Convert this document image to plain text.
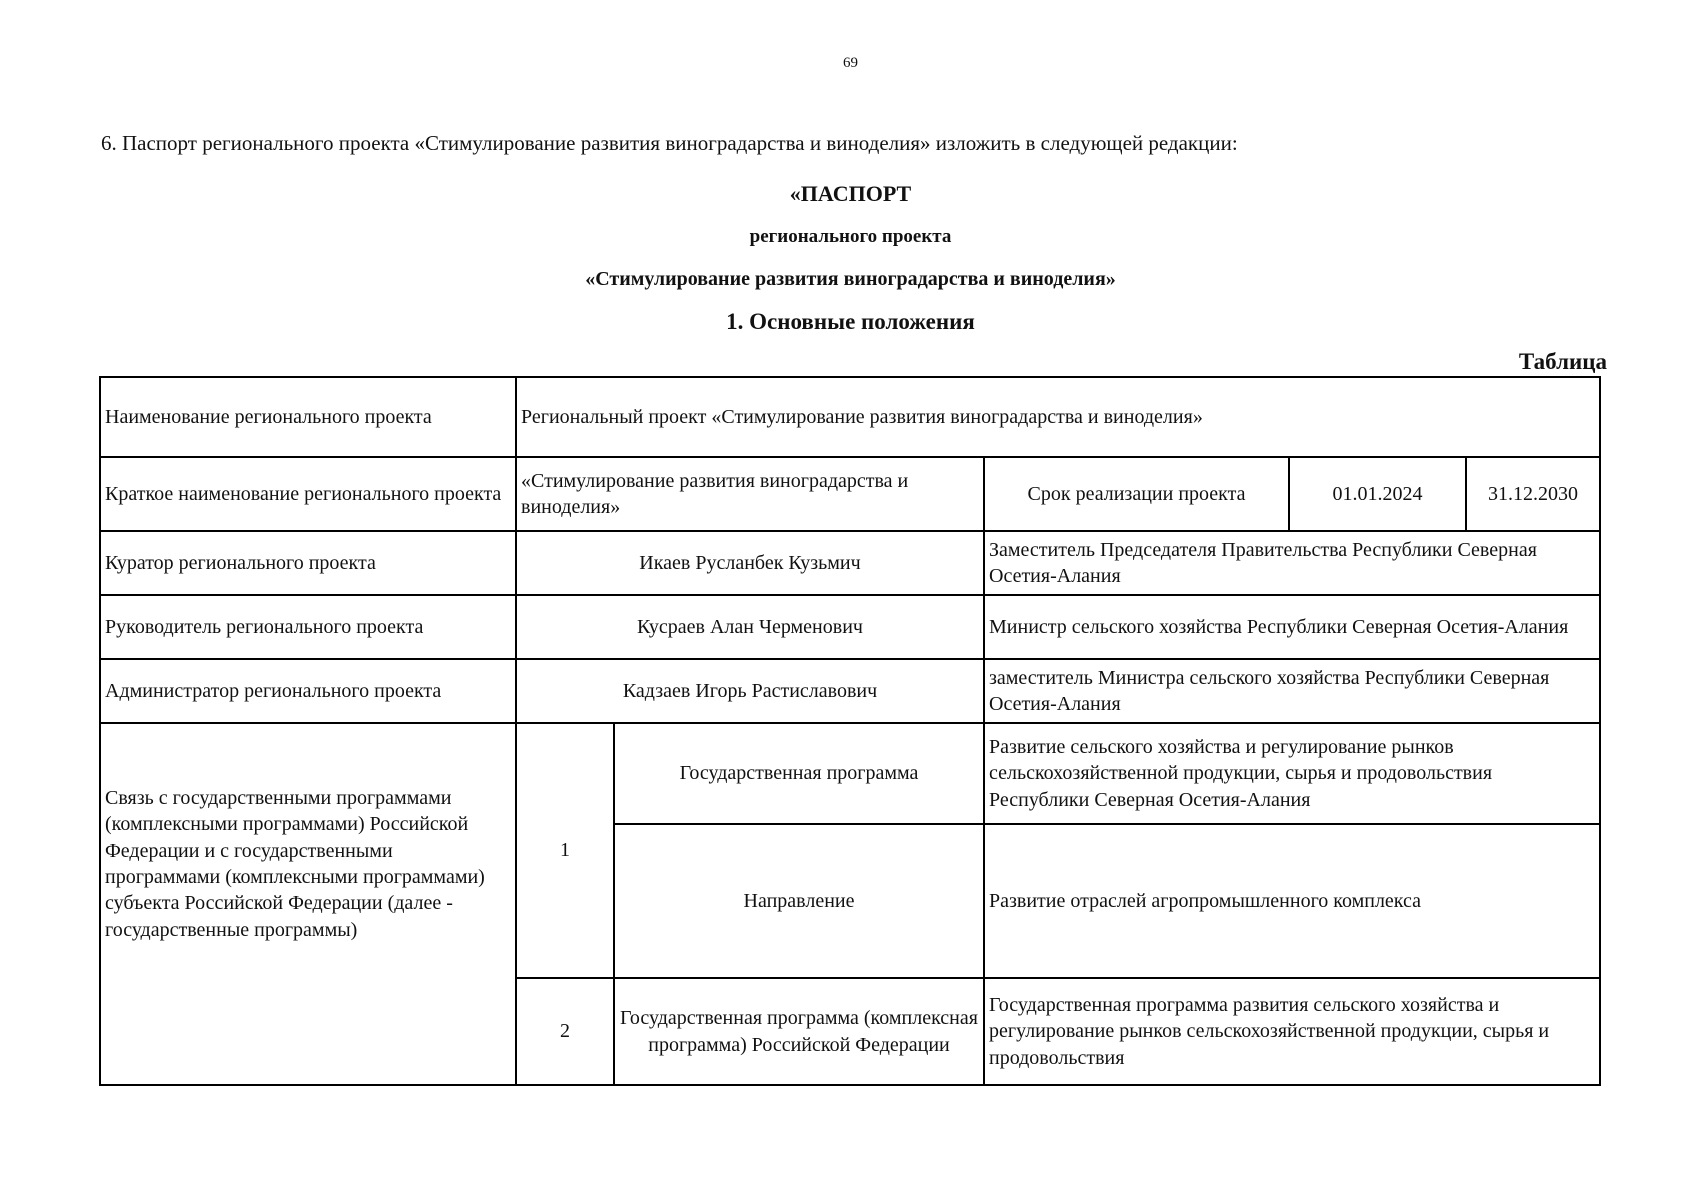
69
6. Паспорт регионального проекта «Стимулирование развития виноградарства и виноделия» изложить в следующей редакции:
«ПАСПОРТ
регионального проекта
«Стимулирование развития виноградарства и виноделия»
1. Основные положения
Таблица
Наименование регионального проекта	Региональный проект «Стимулирование развития виноградарства и виноделия»				
Краткое наименование регионального проекта	«Стимулирование развития виноградарства и виноделия»		Срок реализации проекта	01.01.2024	31.12.2030
Куратор регионального проекта	Икаев Русланбек Кузьмич		Заместитель Председателя Правительства Республики Северная Осетия-Алания		
Руководитель регионального проекта	Кусраев Алан Черменович		Министр сельского хозяйства Республики Северная Осетия-Алания		
Администратор регионального проекта	Кадзаев Игорь Растиславович		заместитель Министра сельского хозяйства Республики Северная Осетия-Алания		
Связь с государственными программами (комплексными программами) Российской Федерации и с государственными программами (комплексными программами) субъекта Российской Федерации (далее - государственные программы)	1	Государственная программа	Развитие сельского хозяйства и регулирование рынков сельскохозяйственной продукции, сырья и продовольствия Республики Северная Осетия-Алания		
		Направление	Развитие отраслей агропромышленного комплекса		
	2	Государственная программа (комплексная программа) Российской Федерации	Государственная программа развития сельского хозяйства и регулирование рынков сельскохозяйственной продукции, сырья и продовольствия		
